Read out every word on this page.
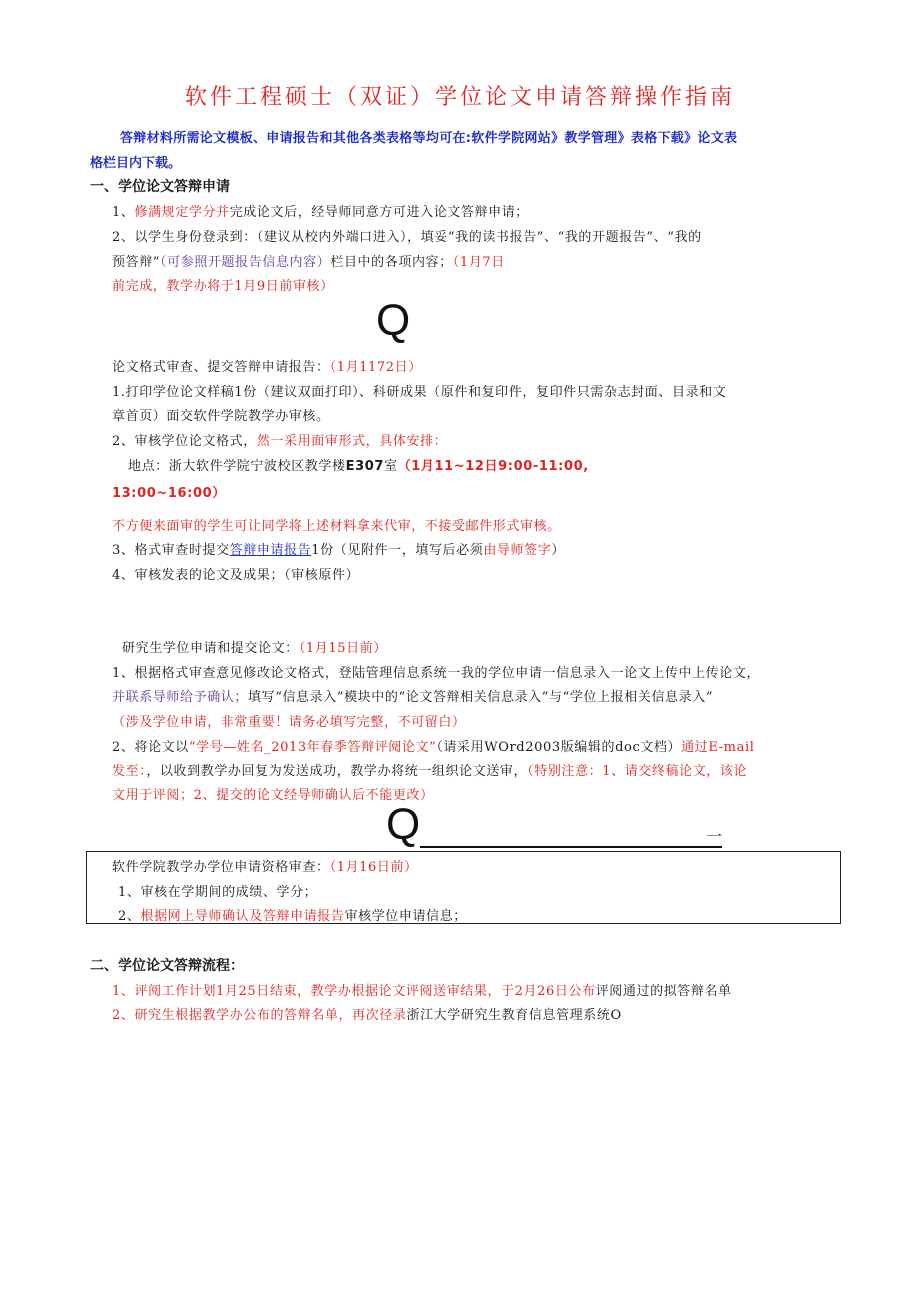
软件工程硕士（双证）学位论文申请答辩操作指南
答辩材料所需论文模板、申请报告和其他各类表格等均可在:软件学院网站》教学管理》表格下载》论文表
格栏目内下载。
一、学位论文答辩申请
1、修满规定学分并完成论文后，经导师同意方可进入论文答辩申请；
2、以学生身份登录到：（建议从校内外端口进入），填妥“我的读书报告”、“我的开题报告”、“我的
预答辩”（可参照开题报告信息内容）栏目中的各项内容；（1月7日
前完成，教学办将于1月9日前审核）
Q
论文格式审查、提交答辩申请报告：（1月1172日）
1.打印学位论文样稿1份（建议双面打印）、科研成果（原件和复印件，复印件只需杂志封面、目录和文
章首页）面交软件学院教学办审核。
2、审核学位论文格式，然一采用面审形式，具体安排：
地点：浙大软件学院宁波校区教学楼E307室（1月11~12日9:00-11:00,
13:00~16:00）
不方便来面审的学生可让同学将上述材料拿来代审，不接受邮件形式审核。
3、格式审查时提交答辩申请报告1份（见附件一，填写后必须由导师签字）
4、审核发表的论文及成果；（审核原件）
研究生学位申请和提交论文：（1月15日前）
1、根据格式审查意见修改论文格式，登陆管理信息系统一我的学位申请一信息录入一论文上传中上传论文，
并联系导师给予确认；填写“信息录入”模块中的“论文答辩相关信息录入”与“学位上报相关信息录入”
（涉及学位申请，非常重要！请务必填写完整，不可留白）
2、将论文以“学号—姓名_2013年春季答辩评阅论文”（请采用WOrd2003版编辑的doc文档）通过E-mail
发至：，以收到教学办回复为发送成功，教学办将统一组织论文送审，（特别注意：1、请交终稿论文，该论
文用于评阅；2、提交的论文经导师确认后不能更改）
Q	一
软件学院教学办学位申请资格审查：（1月16日前）
1、审核在学期间的成绩、学分；
2、根据网上导师确认及答辩申请报告审核学位申请信息；
二、学位论文答辩流程：
1、评阅工作计划1月25日结束，教学办根据论文评阅送审结果，于2月26日公布评阅通过的拟答辩名单
2、研究生根据教学办公布的答辩名单，再次径录浙江大学研究生教育信息管理系统O
